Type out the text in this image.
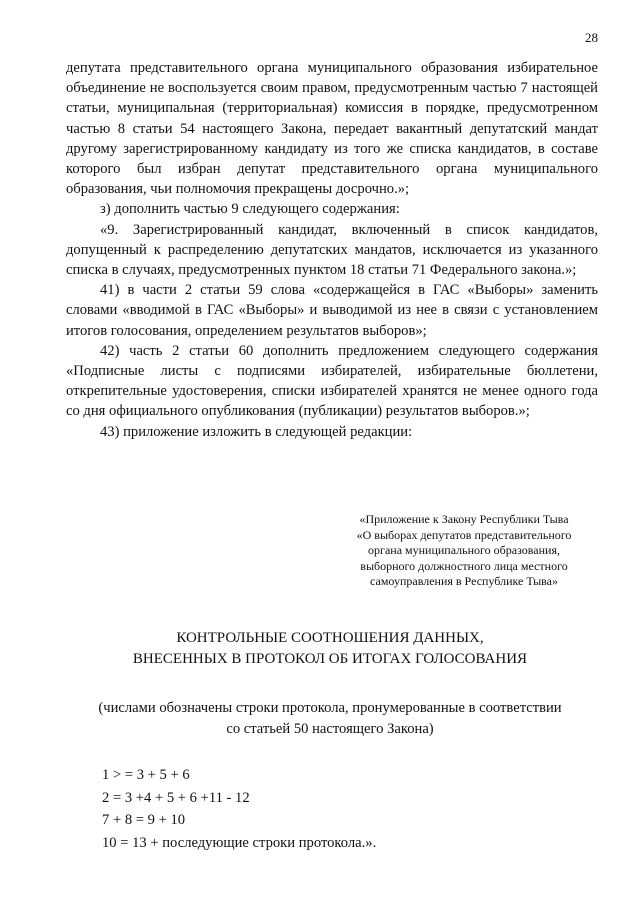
28

депутата представительного органа муниципального образования избирательное объединение не воспользуется своим правом, предусмотренным частью 7 настоящей статьи, муниципальная (территориальная) комиссия в порядке, предусмотренном частью 8 статьи 54 настоящего Закона, передает вакантный депутатский мандат другому зарегистрированному кандидату из того же списка кандидатов, в составе которого был избран депутат представительного органа муниципального образования, чьи полномочия прекращены досрочно.»;

з) дополнить частью 9 следующего содержания:

«9. Зарегистрированный кандидат, включенный в список кандидатов, допущенный к распределению депутатских мандатов, исключается из указанного списка в случаях, предусмотренных пунктом 18 статьи 71 Федерального закона.»;

41) в части 2 статьи 59 слова «содержащейся в ГАС «Выборы» заменить словами «вводимой в ГАС «Выборы» и выводимой из нее в связи с установлением итогов голосования, определением результатов выборов»;

42) часть 2 статьи 60 дополнить предложением следующего содержания «Подписные листы с подписями избирателей, избирательные бюллетени, открепительные удостоверения, списки избирателей хранятся не менее одного года со дня официального опубликования (публикации) результатов выборов.»;

43) приложение изложить в следующей редакции:

«Приложение к Закону Республики Тыва
«О выборах депутатов представительного
органа муниципального образования,
выборного должностного лица местного
самоуправления в Республике Тыва»
КОНТРОЛЬНЫЕ СООТНОШЕНИЯ ДАННЫХ,
ВНЕСЕННЫХ В ПРОТОКОЛ ОБ ИТОГАХ ГОЛОСОВАНИЯ
(числами обозначены строки протокола, пронумерованные в соответствии
со статьей 50 настоящего Закона)
1 > = 3 + 5 + 6
2 = 3 +4 + 5 + 6 +11 - 12
7 + 8 = 9 + 10
10 = 13 + последующие строки протокола.».
